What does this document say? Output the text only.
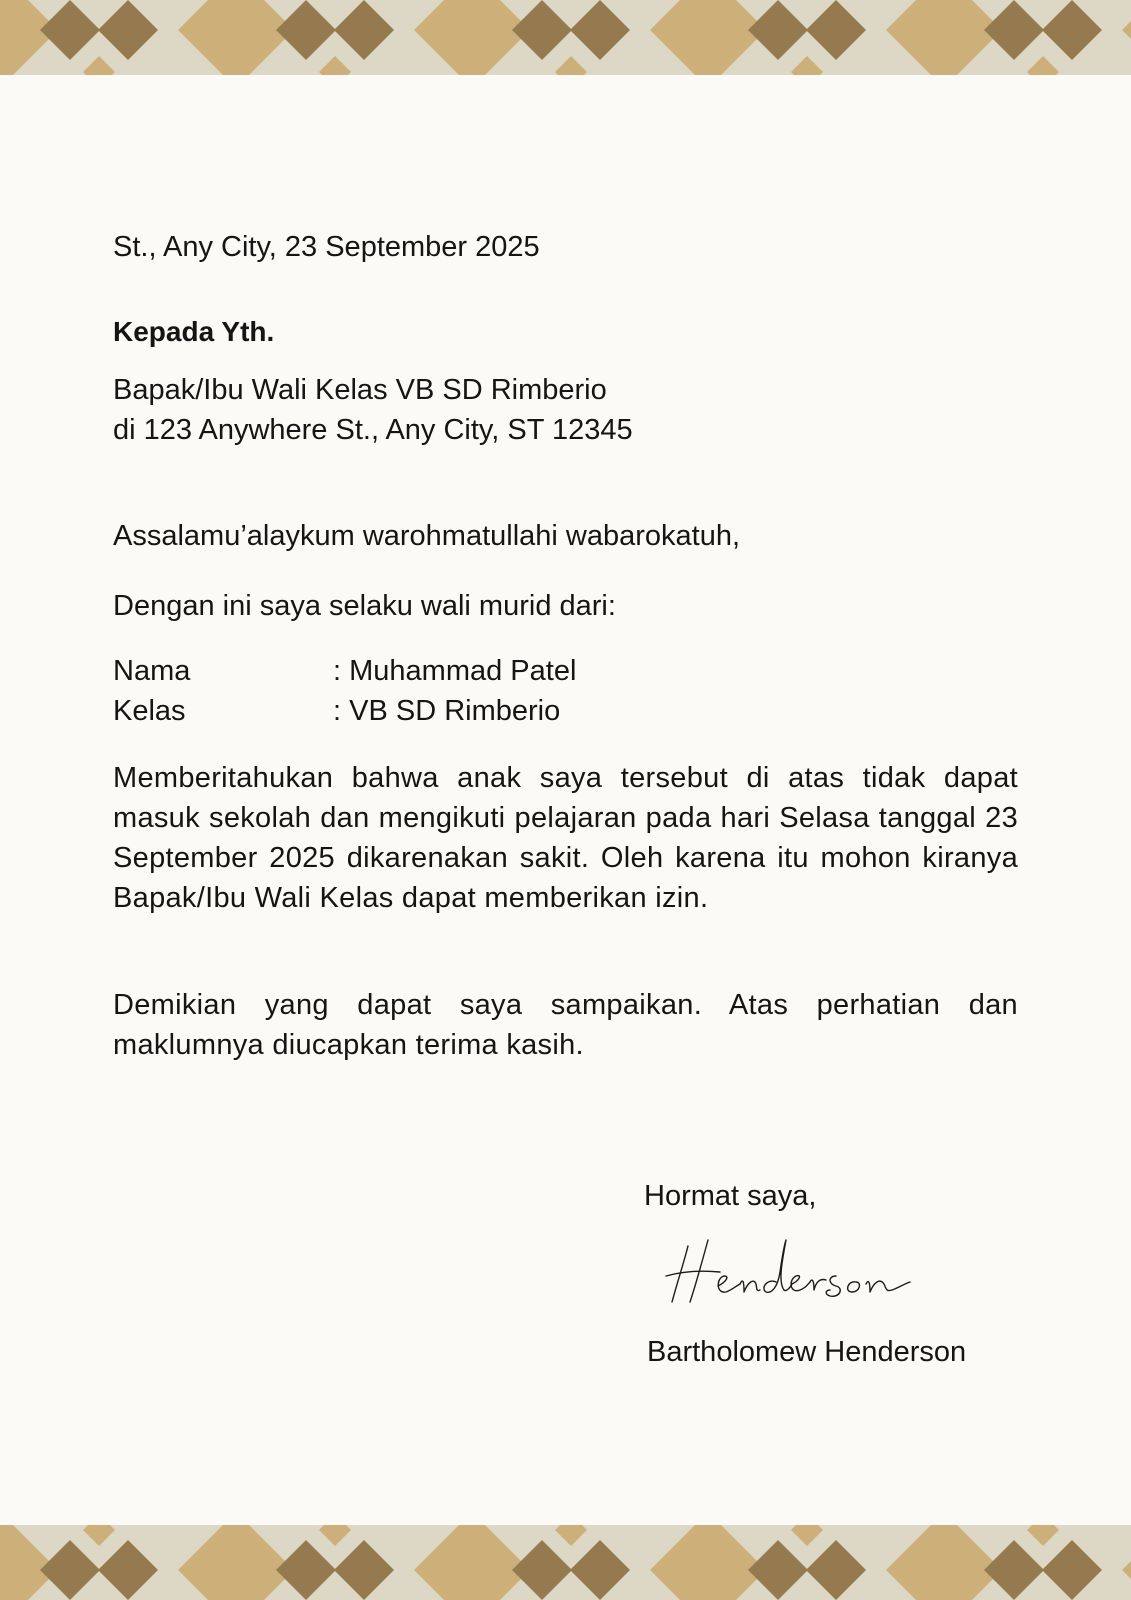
St., Any City, 23 September 2025

Kepada Yth.

Bapak/Ibu Wali Kelas VB SD Rimberio
di 123 Anywhere St., Any City, ST 12345

Assalamu’alaykum warohmatullahi wabarokatuh,

Dengan ini saya selaku wali murid dari:

Nama	: Muhammad Patel
Kelas	: VB SD Rimberio

Memberitahukan bahwa anak saya tersebut di atas tidak dapat masuk sekolah dan mengikuti pelajaran pada hari Selasa tanggal 23 September 2025 dikarenakan sakit. Oleh karena itu mohon kiranya Bapak/Ibu Wali Kelas dapat memberikan izin.

Demikian yang dapat saya sampaikan. Atas perhatian dan maklumnya diucapkan terima kasih.

Hormat saya,

Bartholomew Henderson
